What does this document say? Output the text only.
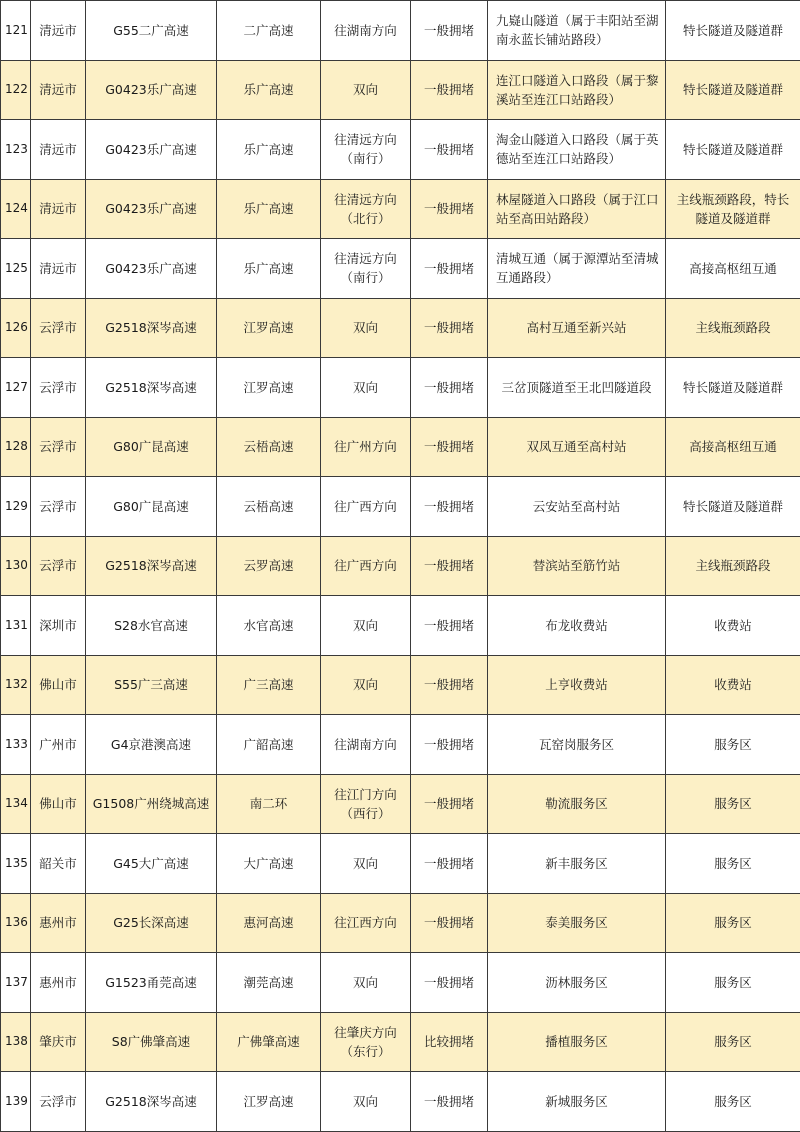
121	清远市	G55二广高速	二广高速	往湖南方向	一般拥堵	九嶷山隧道（属于丰阳站至湖
南永蓝长铺站路段）	特长隧道及隧道群
122	清远市	G0423乐广高速	乐广高速	双向	一般拥堵	连江口隧道入口路段（属于黎
溪站至连江口站路段）	特长隧道及隧道群
123	清远市	G0423乐广高速	乐广高速	往清远方向
（南行）	一般拥堵	淘金山隧道入口路段（属于英
德站至连江口站路段）	特长隧道及隧道群
124	清远市	G0423乐广高速	乐广高速	往清远方向
（北行）	一般拥堵	林屋隧道入口路段（属于江口
站至高田站路段）	主线瓶颈路段，特长
隧道及隧道群
125	清远市	G0423乐广高速	乐广高速	往清远方向
（南行）	一般拥堵	清城互通（属于源潭站至清城
互通路段）	高接高枢纽互通
126	云浮市	G2518深岑高速	江罗高速	双向	一般拥堵	高村互通至新兴站	主线瓶颈路段
127	云浮市	G2518深岑高速	江罗高速	双向	一般拥堵	三岔顶隧道至王北凹隧道段	特长隧道及隧道群
128	云浮市	G80广昆高速	云梧高速	往广州方向	一般拥堵	双凤互通至高村站	高接高枢纽互通
129	云浮市	G80广昆高速	云梧高速	往广西方向	一般拥堵	云安站至高村站	特长隧道及隧道群
130	云浮市	G2518深岑高速	云罗高速	往广西方向	一般拥堵	替滨站至筋竹站	主线瓶颈路段
131	深圳市	S28水官高速	水官高速	双向	一般拥堵	布龙收费站	收费站
132	佛山市	S55广三高速	广三高速	双向	一般拥堵	上亨收费站	收费站
133	广州市	G4京港澳高速	广韶高速	往湖南方向	一般拥堵	瓦窑岗服务区	服务区
134	佛山市	G1508广州绕城高速	南二环	往江门方向
（西行）	一般拥堵	勒流服务区	服务区
135	韶关市	G45大广高速	大广高速	双向	一般拥堵	新丰服务区	服务区
136	惠州市	G25长深高速	惠河高速	往江西方向	一般拥堵	泰美服务区	服务区
137	惠州市	G1523甬莞高速	潮莞高速	双向	一般拥堵	沥林服务区	服务区
138	肇庆市	S8广佛肇高速	广佛肇高速	往肇庆方向
（东行）	比较拥堵	播植服务区	服务区
139	云浮市	G2518深岑高速	江罗高速	双向	一般拥堵	新城服务区	服务区
